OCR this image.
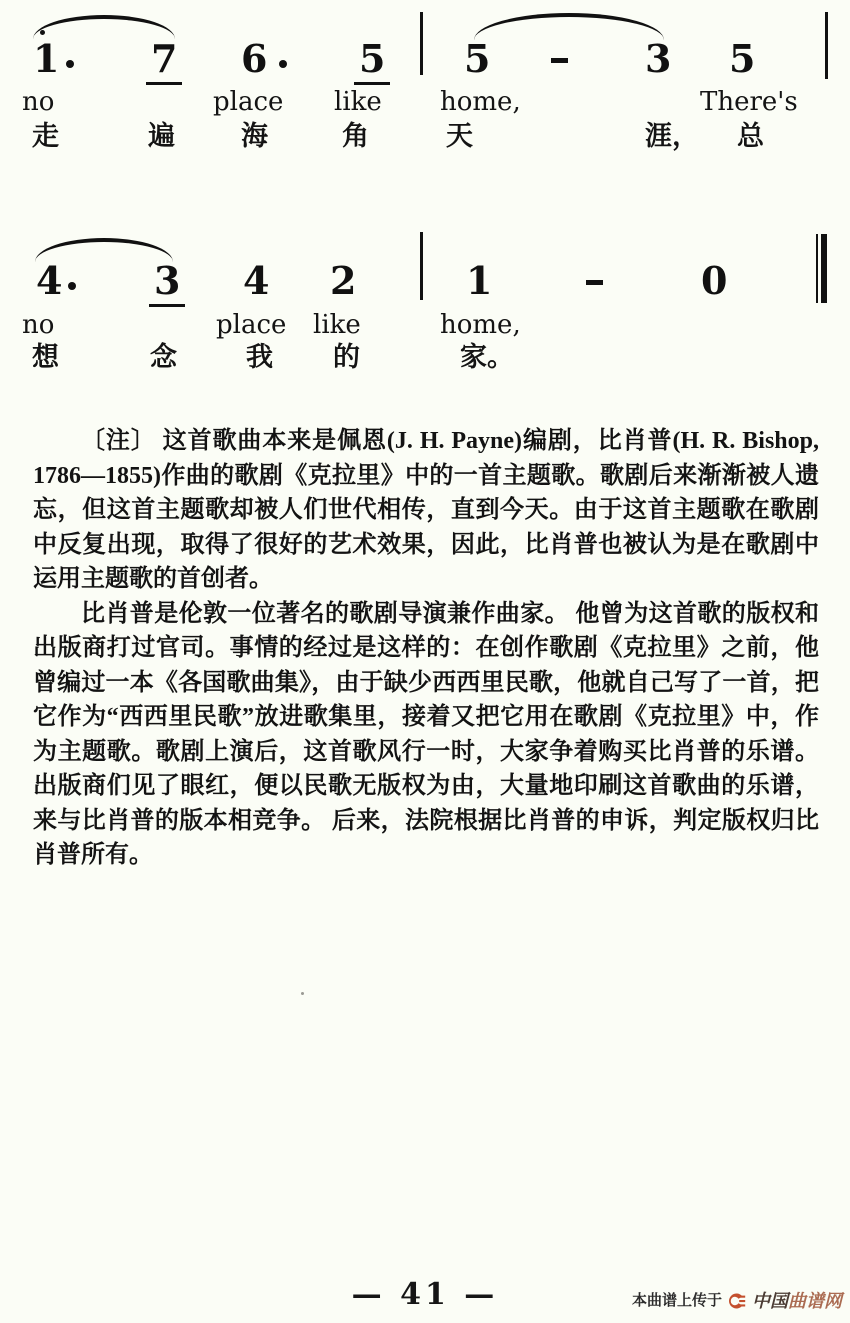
1 7 6 5 5	3 5
no	place like home,	There's
走	遍 海	角	天	涯， 总
4 3 4 2	1	0
no	place like	home,
想	念	我 的	家。

〔注〕 这首歌曲本来是佩恩(J. H. Payne)编剧，比肖普(H. R. Bishop, 1786—1855)作曲的歌剧《克拉里》中的一首主题歌。歌剧后来渐渐被人遗忘，但这首主题歌却被人们世代相传，直到今天。由于这首主题歌在歌剧中反复出现，取得了很好的艺术效果，因此，比肖普也被认为是在歌剧中运用主题歌的首创者。

比肖普是伦敦一位著名的歌剧导演兼作曲家。 他曾为这首歌的版权和出版商打过官司。事情的经过是这样的：在创作歌剧《克拉里》之前，他曾编过一本《各国歌曲集》，由于缺少西西里民歌，他就自己写了一首，把它作为“西西里民歌”放进歌集里，接着又把它用在歌剧《克拉里》中，作为主题歌。歌剧上演后，这首歌风行一时，大家争着购买比肖普的乐谱。出版商们见了眼红，便以民歌无版权为由，大量地印刷这首歌曲的乐谱，来与比肖普的版本相竞争。 后来，法院根据比肖普的申诉，判定版权归比肖普所有。

— 41 —	本曲谱上传于 中国曲谱网
